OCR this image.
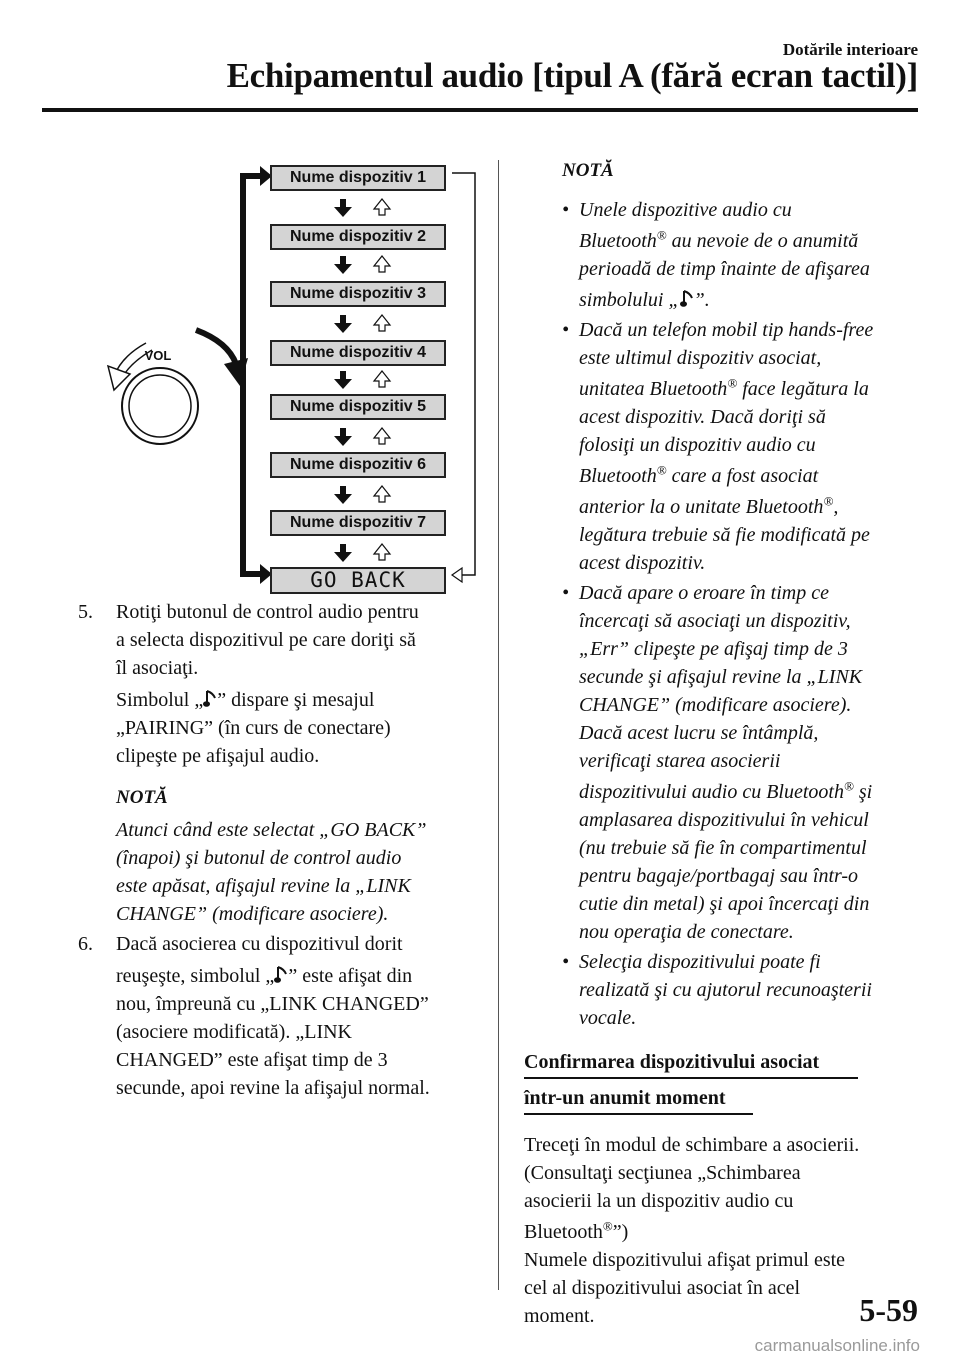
Dotările interioare
Echipamentul audio [tipul A (fără ecran tactil)]
VOL
Nume dispozitiv 1
Nume dispozitiv 2
Nume dispozitiv 3
Nume dispozitiv 4
Nume dispozitiv 5
Nume dispozitiv 6
Nume dispozitiv 7
GO BACK
5. Rotiţi butonul de control audio pentru
a selecta dispozitivul pe care doriţi să
îl asociaţi.
Simbolul „ ” dispare şi mesajul
„PAIRING” (în curs de conectare)
clipeşte pe afişajul audio.
NOTĂ
Atunci când este selectat „GO BACK”
(înapoi) şi butonul de control audio
este apăsat, afişajul revine la „LINK
CHANGE” (modificare asociere).
6. Dacă asocierea cu dispozitivul dorit
reuşeşte, simbolul „ ” este afişat din
nou, împreună cu „LINK CHANGED”
(asociere modificată). „LINK
CHANGED” este afişat timp de 3
secunde, apoi revine la afişajul normal.
NOTĂ
• Unele dispozitive audio cu
Bluetooth® au nevoie de o anumită
perioadă de timp înainte de afişarea
simbolului „ ”.
• Dacă un telefon mobil tip hands-free
este ultimul dispozitiv asociat,
unitatea Bluetooth® face legătura la
acest dispozitiv. Dacă doriţi să
folosiţi un dispozitiv audio cu
Bluetooth® care a fost asociat
anterior la o unitate Bluetooth®,
legătura trebuie să fie modificată pe
acest dispozitiv.
• Dacă apare o eroare în timp ce
încercaţi să asociaţi un dispozitiv,
„Err” clipeşte pe afişaj timp de 3
secunde şi afişajul revine la „LINK
CHANGE” (modificare asociere).
Dacă acest lucru se întâmplă,
verificaţi starea asocierii
dispozitivului audio cu Bluetooth® şi
amplasarea dispozitivului în vehicul
(nu trebuie să fie în compartimentul
pentru bagaje/portbagaj sau într-o
cutie din metal) şi apoi încercaţi din
nou operaţia de conectare.
• Selecţia dispozitivului poate fi
realizată şi cu ajutorul recunoaşterii
vocale.
Confirmarea dispozitivului asociat
într-un anumit moment
Treceţi în modul de schimbare a asocierii.
(Consultaţi secţiunea „Schimbarea
asocierii la un dispozitiv audio cu
Bluetooth®”)
Numele dispozitivului afişat primul este
cel al dispozitivului asociat în acel
moment.	5-59
carmanualsonline.info
